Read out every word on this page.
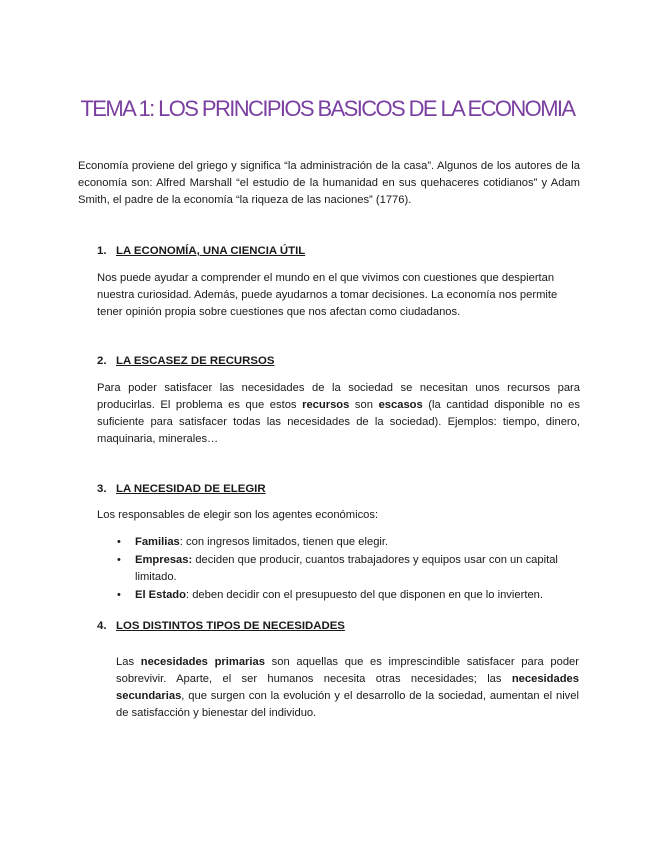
TEMA 1: LOS PRINCIPIOS BASICOS DE LA ECONOMIA

Economía proviene del griego y significa “la administración de la casa”. Algunos de los autores de la economía son: Alfred Marshall “el estudio de la humanidad en sus quehaceres cotidianos” y Adam Smith, el padre de la economía “la riqueza de las naciones” (1776).

1. LA ECONOMÍA, UNA CIENCIA ÚTIL

Nos puede ayudar a comprender el mundo en el que vivimos con cuestiones que despiertan nuestra curiosidad. Además, puede ayudarnos a tomar decisiones. La economía nos permite tener opinión propia sobre cuestiones que nos afectan como ciudadanos.

2. LA ESCASEZ DE RECURSOS

Para poder satisfacer las necesidades de la sociedad se necesitan unos recursos para producirlas. El problema es que estos recursos son escasos (la cantidad disponible no es suficiente para satisfacer todas las necesidades de la sociedad). Ejemplos: tiempo, dinero, maquinaria, minerales…

3. LA NECESIDAD DE ELEGIR

Los responsables de elegir son los agentes económicos:

• Familias: con ingresos limitados, tienen que elegir.
• Empresas: deciden que producir, cuantos trabajadores y equipos usar con un capital limitado.
• El Estado: deben decidir con el presupuesto del que disponen en que lo invierten.
4. LOS DISTINTOS TIPOS DE NECESIDADES

Las necesidades primarias son aquellas que es imprescindible satisfacer para poder sobrevivir. Aparte, el ser humanos necesita otras necesidades; las necesidades secundarias, que surgen con la evolución y el desarrollo de la sociedad, aumentan el nivel de satisfacción y bienestar del individuo.
